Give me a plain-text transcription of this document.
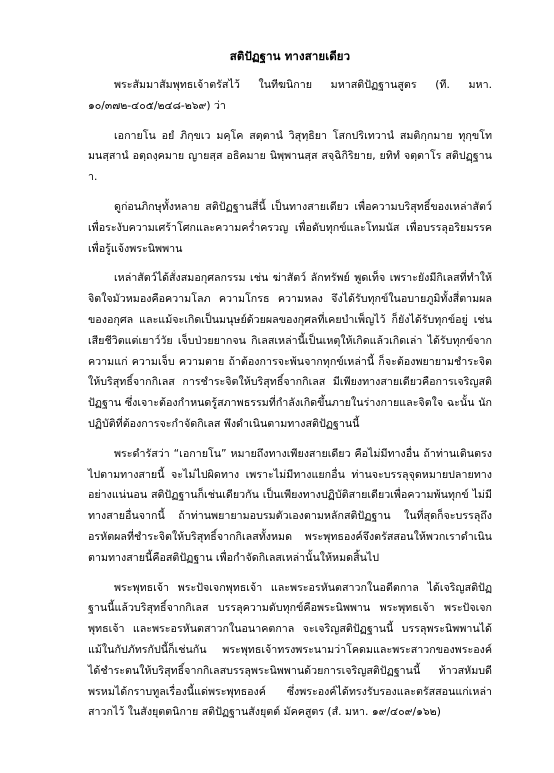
สติปัฏฐาน ทางสายเดียว

พระสัมมาสัมพุทธเจ้าตรัสไว้ ในทีฆนิกาย มหาสติปัฏฐานสูตร (ที. มหา. ๑๐/๓๗๒-๔๐๕/๒๔๘-๒๖๙) ว่า

เอกายโน อยํ ภิกฺขเว มคฺโค สตฺตานํ วิสุทฺธิยา โสกปริเทวานํ สมติกฺกมาย ทุกฺขโทมนสฺสานํ อตฺถงฺคมาย ญายสฺส อธิคมาย นิพฺพานสฺส สจฺฉิกิริยาย, ยทิทํ จตฺตาโร สติปฏฺฐานา.

ดูก่อนภิกษุทั้งหลาย สติปัฏฐานสี่นี้ เป็นทางสายเดียว เพื่อความบริสุทธิ์ของเหล่าสัตว์ เพื่อระงับความเศร้าโศกและความคร่ำครวญ เพื่อดับทุกข์และโทมนัส เพื่อบรรลุอริยมรรค เพื่อรู้แจ้งพระนิพพาน

เหล่าสัตว์ได้สั่งสมอกุศลกรรม เช่น ฆ่าสัตว์ ลักทรัพย์ พูดเท็จ เพราะยังมีกิเลสที่ทำให้จิตใจมัวหมองคือความโลภ ความโกรธ ความหลง จึงได้รับทุกข์ในอบายภูมิทั้งสี่ตามผลของอกุศล และแม้จะเกิดเป็นมนุษย์ด้วยผลของกุศลที่เคยบำเพ็ญไว้ ก็ยังได้รับทุกข์อยู่ เช่น เสียชีวิตแต่เยาว์วัย เจ็บป่วยยากจน กิเลสเหล่านี้เป็นเหตุให้เกิดแล้วเกิดเล่า ได้รับทุกข์จากความแก่ ความเจ็บ ความตาย ถ้าต้องการจะพ้นจากทุกข์เหล่านี้ ก็จะต้องพยายามชำระจิตให้บริสุทธิ์จากกิเลส การชำระจิตให้บริสุทธิ์จากกิเลส มีเพียงทางสายเดียวคือการเจริญสติปัฏฐาน ซึ่งเจาะต้องกำหนดรู้สภาพธรรมที่กำลังเกิดขึ้นภายในร่างกายและจิตใจ ฉะนั้น นักปฏิบัติที่ต้องการจะกำจัดกิเลส พึงดำเนินตามทางสติปัฏฐานนี้

พระดำรัสว่า “เอกายโน” หมายถึงทางเพียงสายเดียว คือไม่มีทางอื่น ถ้าท่านเดินตรงไปตามทางสายนี้ จะไม่ไปผิดทาง เพราะไม่มีทางแยกอื่น ท่านจะบรรลุจุดหมายปลายทางอย่างแน่นอน สติปัฏฐานก็เช่นเดียวกัน เป็นเพียงทางปฏิบัติสายเดียวเพื่อความพ้นทุกข์ ไม่มีทางสายอื่นจากนี้ ถ้าท่านพยายามอบรมตัวเองตามหลักสติปัฏฐาน ในที่สุดก็จะบรรลุถึงอรหัตผลที่ชำระจิตให้บริสุทธิ์จากกิเลสทั้งหมด พระพุทธองค์จึงตรัสสอนให้พวกเราดำเนินตามทางสายนี้คือสติปัฏฐาน เพื่อกำจัดกิเลสเหล่านั้นให้หมดสิ้นไป

พระพุทธเจ้า พระปัจเจกพุทธเจ้า และพระอรหันตสาวกในอดีตกาล ได้เจริญสติปัฏฐานนี้แล้วบริสุทธิ์จากกิเลส บรรลุความดับทุกข์คือพระนิพพาน พระพุทธเจ้า พระปัจเจกพุทธเจ้า และพระอรหันตสาวกในอนาคตกาล จะเจริญสติปัฏฐานนี้ บรรลุพระนิพพานได้ แม้ในกัปภัทรกัปนี้ก็เช่นกัน พระพุทธเจ้าทรงพระนามว่าโคดมและพระสาวกของพระองค์ ได้ชำระตนให้บริสุทธิ์จากกิเลสบรรลุพระนิพพานด้วยการเจริญสติปัฏฐานนี้ ท้าวสหัมบดีพรหมได้กราบทูลเรื่องนี้แด่พระพุทธองค์ ซึ่งพระองค์ได้ทรงรับรองและตรัสสอนแก่เหล่าสาวกไว้ ในสังยุตตนิกาย สติปัฏฐานสังยุตต์ มัคคสูตร (สํ. มหา. ๑๙/๔๐๙/๑๖๒)
